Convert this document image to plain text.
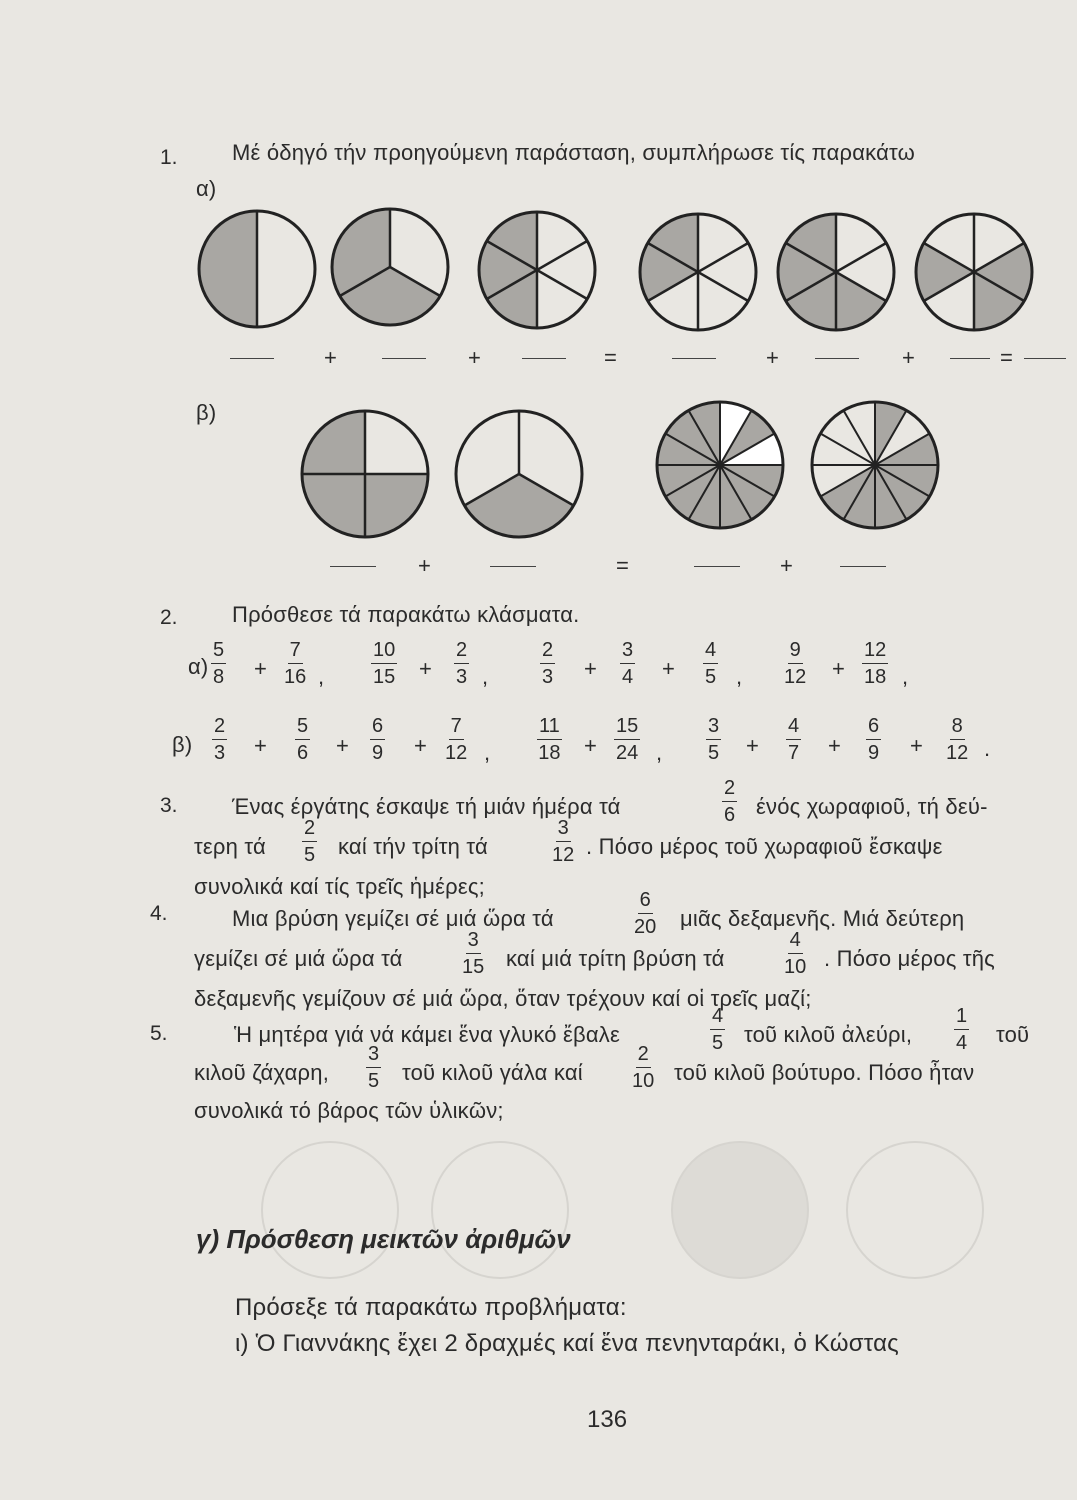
1. Μέ όδηγό τήν προηγούμενη παράσταση, συμπλήρωσε τίς παρακάτω
α)
+	+	=	+	+	=
β)
+	=	+
2. Πρόσθεσε τά παρακάτω κλάσματα.
$\alpha) \frac{5}{8} + \frac{7}{16}$ , $\frac{10}{15} + \frac{2}{3}$ ,	$\frac{2}{3} + \frac{3}{4} + \frac{4}{5}$ , $\frac{9}{12} + \frac{12}{18}$ ,
$\beta) \frac{2}{3} + \frac{5}{6} + \frac{6}{9} + \frac{7}{12}$ , $\frac{11}{18} + \frac{15}{24}$ , $\frac{3}{5} + \frac{4}{7} + \frac{6}{9} + \frac{8}{12}$ .
3. Ένας έργάτης έσκαψε τή μιάν ήμέρα τά	$\frac{2}{6}$ ένός χωραφιοῦ, τή δεύ-
τερη τά $\frac{2}{5}$ καί τήν τρίτη τά	$\frac{3}{12}$ . Πόσο μέρος τοῦ χωραφιοῦ ἔσκαψε
συνολικά καί τίς τρεῖς ἡμέρες;
4.	Μια βρύση γεμίζει σέ μιά ὥρα τά	$\frac{6}{20}$ μιᾶς δεξαμενῆς. Μιά δεύτερη
γεμίζει σέ μιά ὥρα τά	$\frac{3}{15}$ καί μιά τρίτη βρύση τά	$\frac{4}{10}$ . Πόσο μέρος τῆς
δεξαμενῆς γεμίζουν σέ μιά ὥρα, ὅταν τρέχουν καί οἱ τρεῖς μαζί;
5.	Ἡ μητέρα γιά νά κάμει ἕνα γλυκό ἔβαλε	$\frac{4}{5}$ τοῦ κιλοῦ ἀλεύρι, $\frac{1}{4}$ τοῦ
κιλοῦ ζάχαρη, $\frac{3}{5}$ τοῦ κιλοῦ γάλα καί $\frac{2}{10}$ τοῦ κιλοῦ βούτυρο. Πόσο ἦταν
συνολικά τό βάρος τῶν ὑλικῶν;
γ) Πρόσθεση μεικτῶν ἀριθμῶν
Πρόσεξε τά παρακάτω προβλήματα:
ι) Ὁ Γιαννάκης ἔχει 2 δραχμές καί ἕνα πενηνταράκι, ὁ Κώστας
136
